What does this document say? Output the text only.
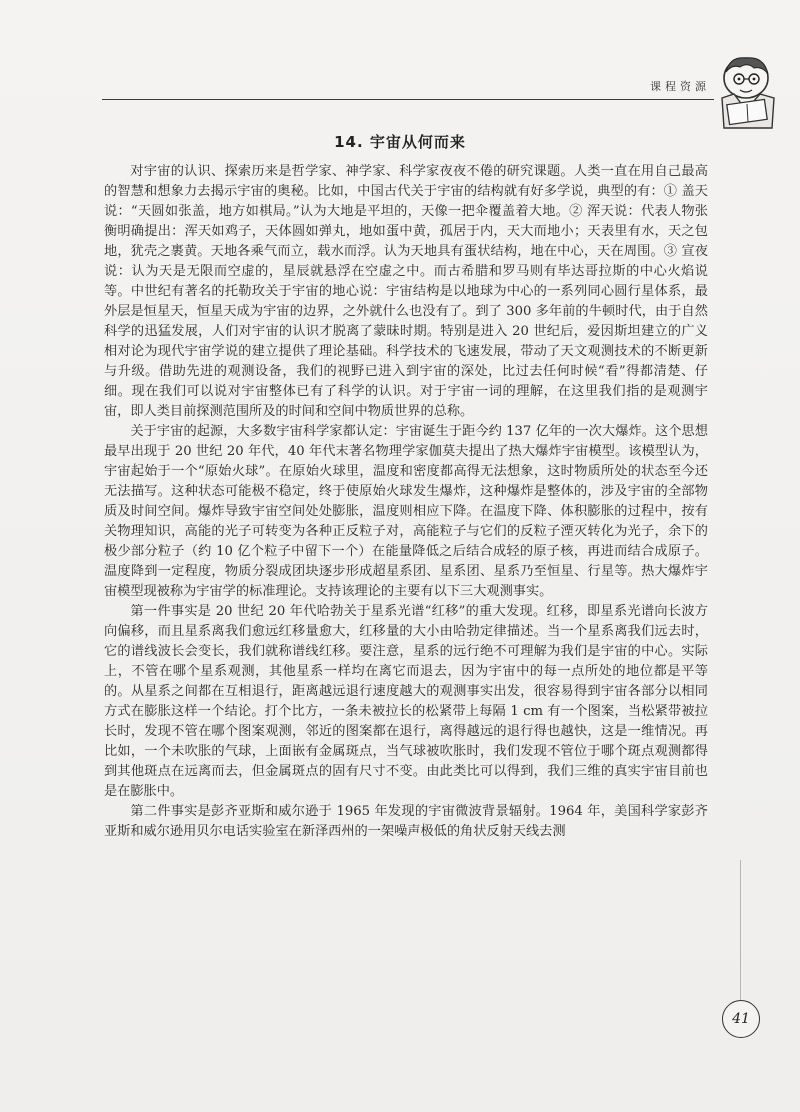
课程资源
14. 宇宙从何而来

对宇宙的认识、探索历来是哲学家、神学家、科学家夜夜不倦的研究课题。人类一直在用自己最高的智慧和想象力去揭示宇宙的奥秘。比如，中国古代关于宇宙的结构就有好多学说，典型的有：① 盖天说：“天圆如张盖，地方如棋局。”认为大地是平坦的，天像一把伞覆盖着大地。② 浑天说：代表人物张衡明确提出：浑天如鸡子，天体圆如弹丸，地如蛋中黄，孤居于内，天大而地小；天表里有水，天之包地，犹壳之裹黄。天地各乘气而立，载水而浮。认为天地具有蛋状结构，地在中心，天在周围。③ 宣夜说：认为天是无限而空虚的，星辰就悬浮在空虚之中。而古希腊和罗马则有毕达哥拉斯的中心火焰说等。中世纪有著名的托勒玫关于宇宙的地心说：宇宙结构是以地球为中心的一系列同心圆行星体系，最外层是恒星天，恒星天成为宇宙的边界，之外就什么也没有了。到了 300 多年前的牛顿时代，由于自然科学的迅猛发展，人们对宇宙的认识才脱离了蒙昧时期。特别是进入 20 世纪后，爱因斯坦建立的广义相对论为现代宇宙学说的建立提供了理论基础。科学技术的飞速发展，带动了天文观测技术的不断更新与升级。借助先进的观测设备，我们的视野已进入到宇宙的深处，比过去任何时候“看”得都清楚、仔细。现在我们可以说对宇宙整体已有了科学的认识。对于宇宙一词的理解，在这里我们指的是观测宇宙，即人类目前探测范围所及的时间和空间中物质世界的总称。

关于宇宙的起源，大多数宇宙科学家都认定：宇宙诞生于距今约 137 亿年的一次大爆炸。这个思想最早出现于 20 世纪 20 年代，40 年代末著名物理学家伽莫夫提出了热大爆炸宇宙模型。该模型认为，宇宙起始于一个“原始火球”。在原始火球里，温度和密度都高得无法想象，这时物质所处的状态至今还无法描写。这种状态可能极不稳定，终于使原始火球发生爆炸，这种爆炸是整体的，涉及宇宙的全部物质及时间空间。爆炸导致宇宙空间处处膨胀，温度则相应下降。在温度下降、体积膨胀的过程中，按有关物理知识，高能的光子可转变为各种正反粒子对，高能粒子与它们的反粒子湮灭转化为光子，余下的极少部分粒子（约 10 亿个粒子中留下一个）在能量降低之后结合成轻的原子核，再进而结合成原子。温度降到一定程度，物质分裂成团块逐步形成超星系团、星系团、星系乃至恒星、行星等。热大爆炸宇宙模型现被称为宇宙学的标准理论。支持该理论的主要有以下三大观测事实。

第一件事实是 20 世纪 20 年代哈勃关于星系光谱“红移”的重大发现。红移，即星系光谱向长波方向偏移，而且星系离我们愈远红移量愈大，红移量的大小由哈勃定律描述。当一个星系离我们远去时，它的谱线波长会变长，我们就称谱线红移。要注意，星系的远行绝不可理解为我们是宇宙的中心。实际上，不管在哪个星系观测，其他星系一样均在离它而退去，因为宇宙中的每一点所处的地位都是平等的。从星系之间都在互相退行，距离越远退行速度越大的观测事实出发，很容易得到宇宙各部分以相同方式在膨胀这样一个结论。打个比方，一条未被拉长的松紧带上每隔 1 cm 有一个图案，当松紧带被拉长时，发现不管在哪个图案观测，邻近的图案都在退行，离得越远的退行得也越快，这是一维情况。再比如，一个未吹胀的气球，上面嵌有金属斑点，当气球被吹胀时，我们发现不管位于哪个斑点观测都得到其他斑点在远离而去，但金属斑点的固有尺寸不变。由此类比可以得到，我们三维的真实宇宙目前也是在膨胀中。

第二件事实是彭齐亚斯和威尔逊于 1965 年发现的宇宙微波背景辐射。1964 年，美国科学家彭齐亚斯和威尔逊用贝尔电话实验室在新泽西州的一架噪声极低的角状反射天线去测

41
